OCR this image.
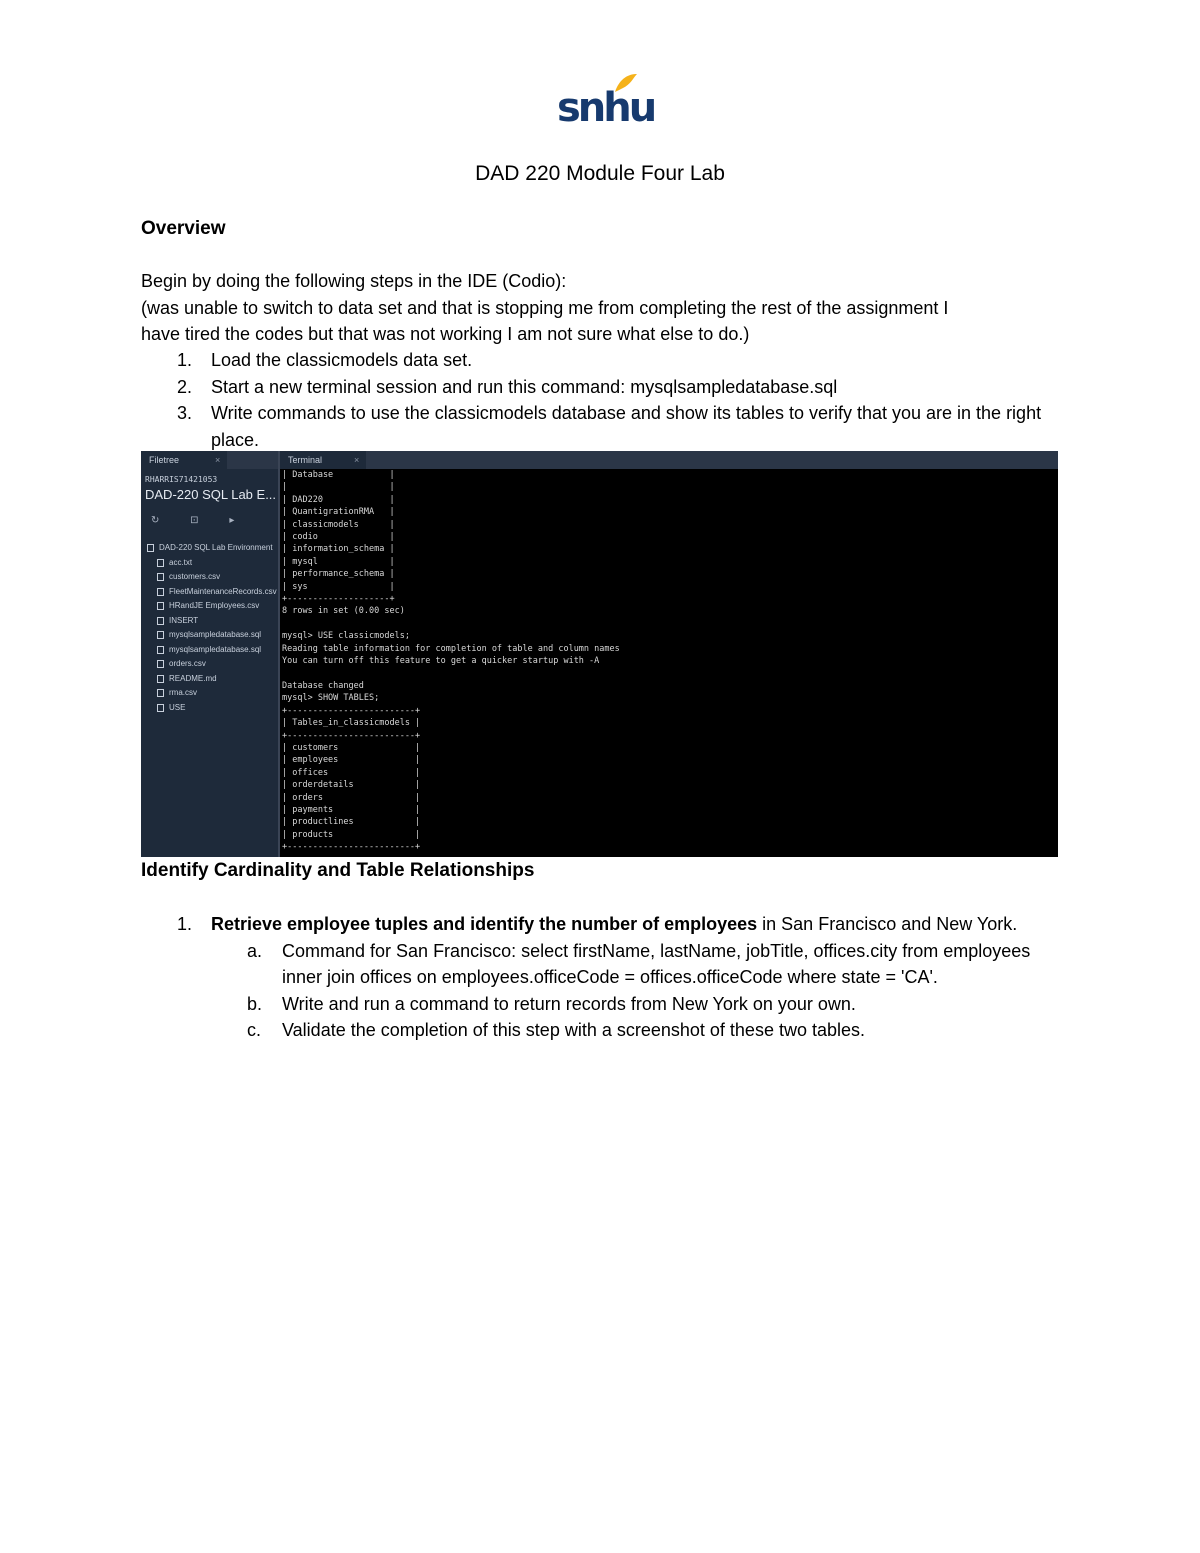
snhu
DAD 220 Module Four Lab
Overview

Begin by doing the following steps in the IDE (Codio):

(was unable to switch to data set and that is stopping me from completing the rest of the assignment I

have tired the codes but that was not working I am not sure what else to do.)

1. Load the classicmodels data set.
2. Start a new terminal session and run this command: mysqlsampledatabase.sql
3. Write commands to use the classicmodels database and show its tables to verify that you are in the right place.
Filetree	×
RHARRIS71421053
DAD-220 SQL Lab E...
↻ ⊡ ▸
DAD-220 SQL Lab Environment
acc.txt
customers.csv
FleetMaintenanceRecords.csv
HRandJE Employees.csv
INSERT
mysqlsampledatabase.sql
mysqlsampledatabase.sql
orders.csv
README.md
rma.csv
USE
Terminal	×
| Database           |
|                    |
| DAD220             |
| QuantigrationRMA   |
| classicmodels      |
| codio              |
| information_schema |
| mysql              |
| performance_schema |
| sys                |
+--------------------+
8 rows in set (0.00 sec)
mysql> USE classicmodels;
Reading table information for completion of table and column names
You can turn off this feature to get a quicker startup with -A
Database changed
mysql> SHOW TABLES;
+-------------------------+
| Tables_in_classicmodels |
+-------------------------+
| customers               |
| employees               |
| offices                 |
| orderdetails            |
| orders                  |
| payments                |
| productlines            |
| products                |
+-------------------------+
Identify Cardinality and Table Relationships
1. Retrieve employee tuples and identify the number of employees in San Francisco and New York.
a. Command for San Francisco: select firstName, lastName, jobTitle, offices.city from employees inner join offices on employees.officeCode = offices.officeCode where state = 'CA'.
b. Write and run a command to return records from New York on your own.
c. Validate the completion of this step with a screenshot of these two tables.
